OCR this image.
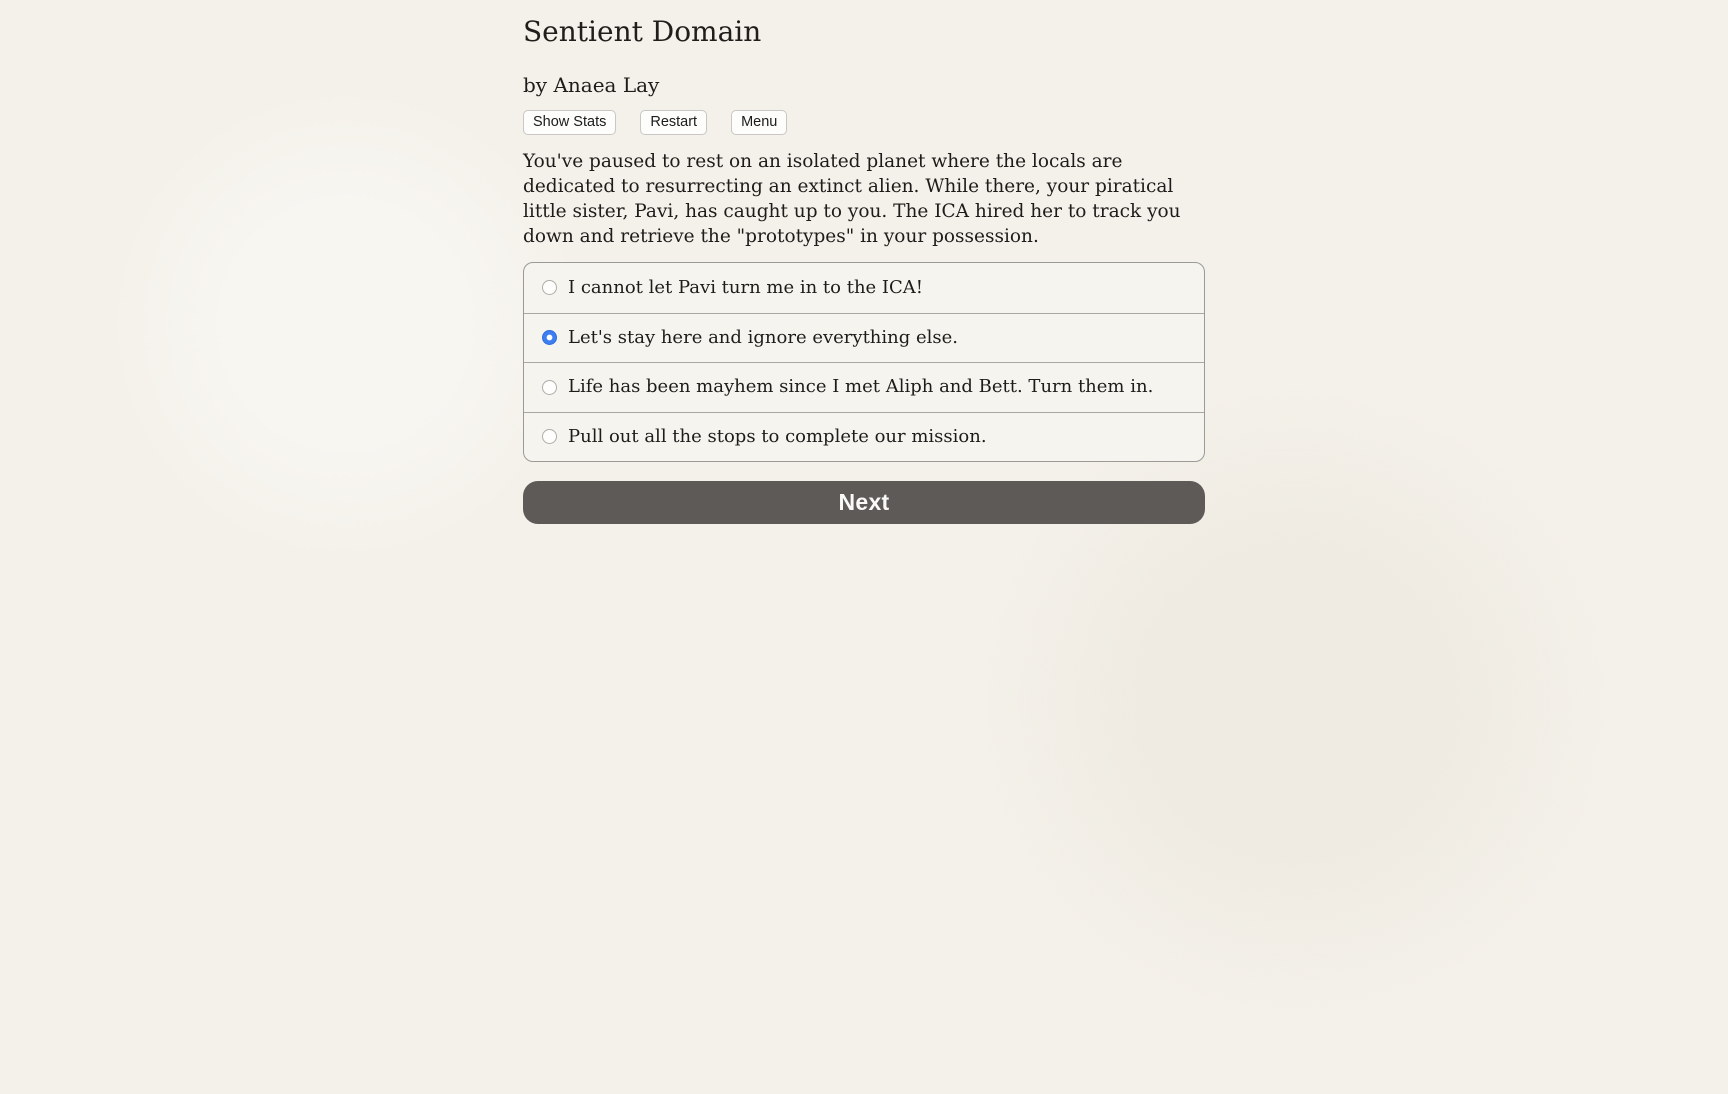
Sentient Domain
by Anaea Lay
Show Stats	Restart	Menu

You've paused to rest on an isolated planet where the locals are dedicated to resurrecting an extinct alien. While there, your piratical little sister, Pavi, has caught up to you. The ICA hired her to track you down and retrieve the "prototypes" in your possession.

I cannot let Pavi turn me in to the ICA!
Let's stay here and ignore everything else.
Life has been mayhem since I met Aliph and Bett. Turn them in.
Pull out all the stops to complete our mission.
Next
